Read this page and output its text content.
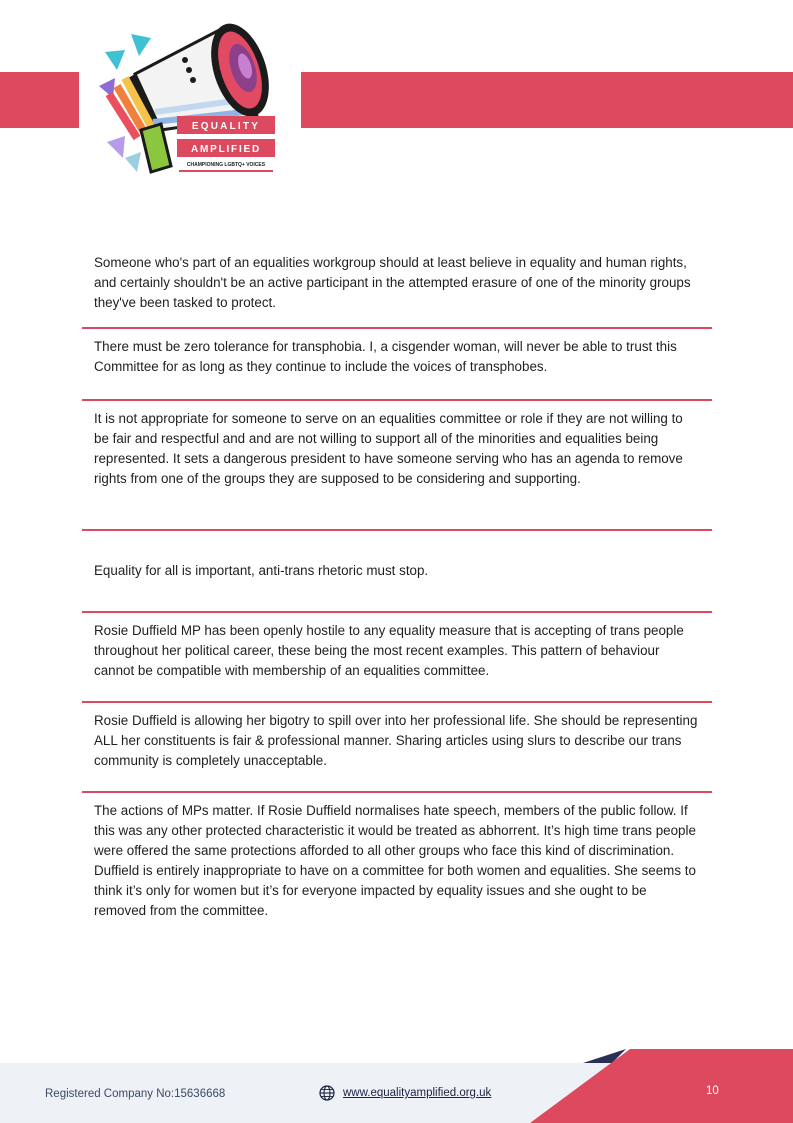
EQUALITY
AMPLIFIED
CHAMPIONING LGBTQ+ VOICES
Someone who's part of an equalities workgroup should at least believe in equality and human rights, and certainly shouldn't be an active participant in the attempted erasure of one of the minority groups they've been tasked to protect.
There must be zero tolerance for transphobia. I, a cisgender woman, will never be able to trust this Committee for as long as they continue to include the voices of transphobes.
It is not appropriate for someone to serve on an equalities committee or role if they are not willing to be fair and respectful and and are not willing to support all of the minorities and equalities being represented. It sets a dangerous president to have someone serving who has an agenda to remove rights from one of the groups they are supposed to be considering and supporting.
Equality for all is important, anti-trans rhetoric must stop.
Rosie Duffield MP has been openly hostile to any equality measure that is accepting of trans people throughout her political career, these being the most recent examples. This pattern of behaviour cannot be compatible with membership of an equalities committee.
Rosie Duffield is allowing her bigotry to spill over into her professional life. She should be representing ALL her constituents is fair & professional manner. Sharing articles using slurs to describe our trans community is completely unacceptable.
The actions of MPs matter. If Rosie Duffield normalises hate speech, members of the public follow. If this was any other protected characteristic it would be treated as abhorrent. It’s high time trans people were offered the same protections afforded to all other groups who face this kind of discrimination. Duffield is entirely inappropriate to have on a committee for both women and equalities. She seems to think it’s only for women but it’s for everyone impacted by equality issues and she ought to be removed from the committee.
Registered Company No:15636668	www.equalityamplified.org.uk	10
